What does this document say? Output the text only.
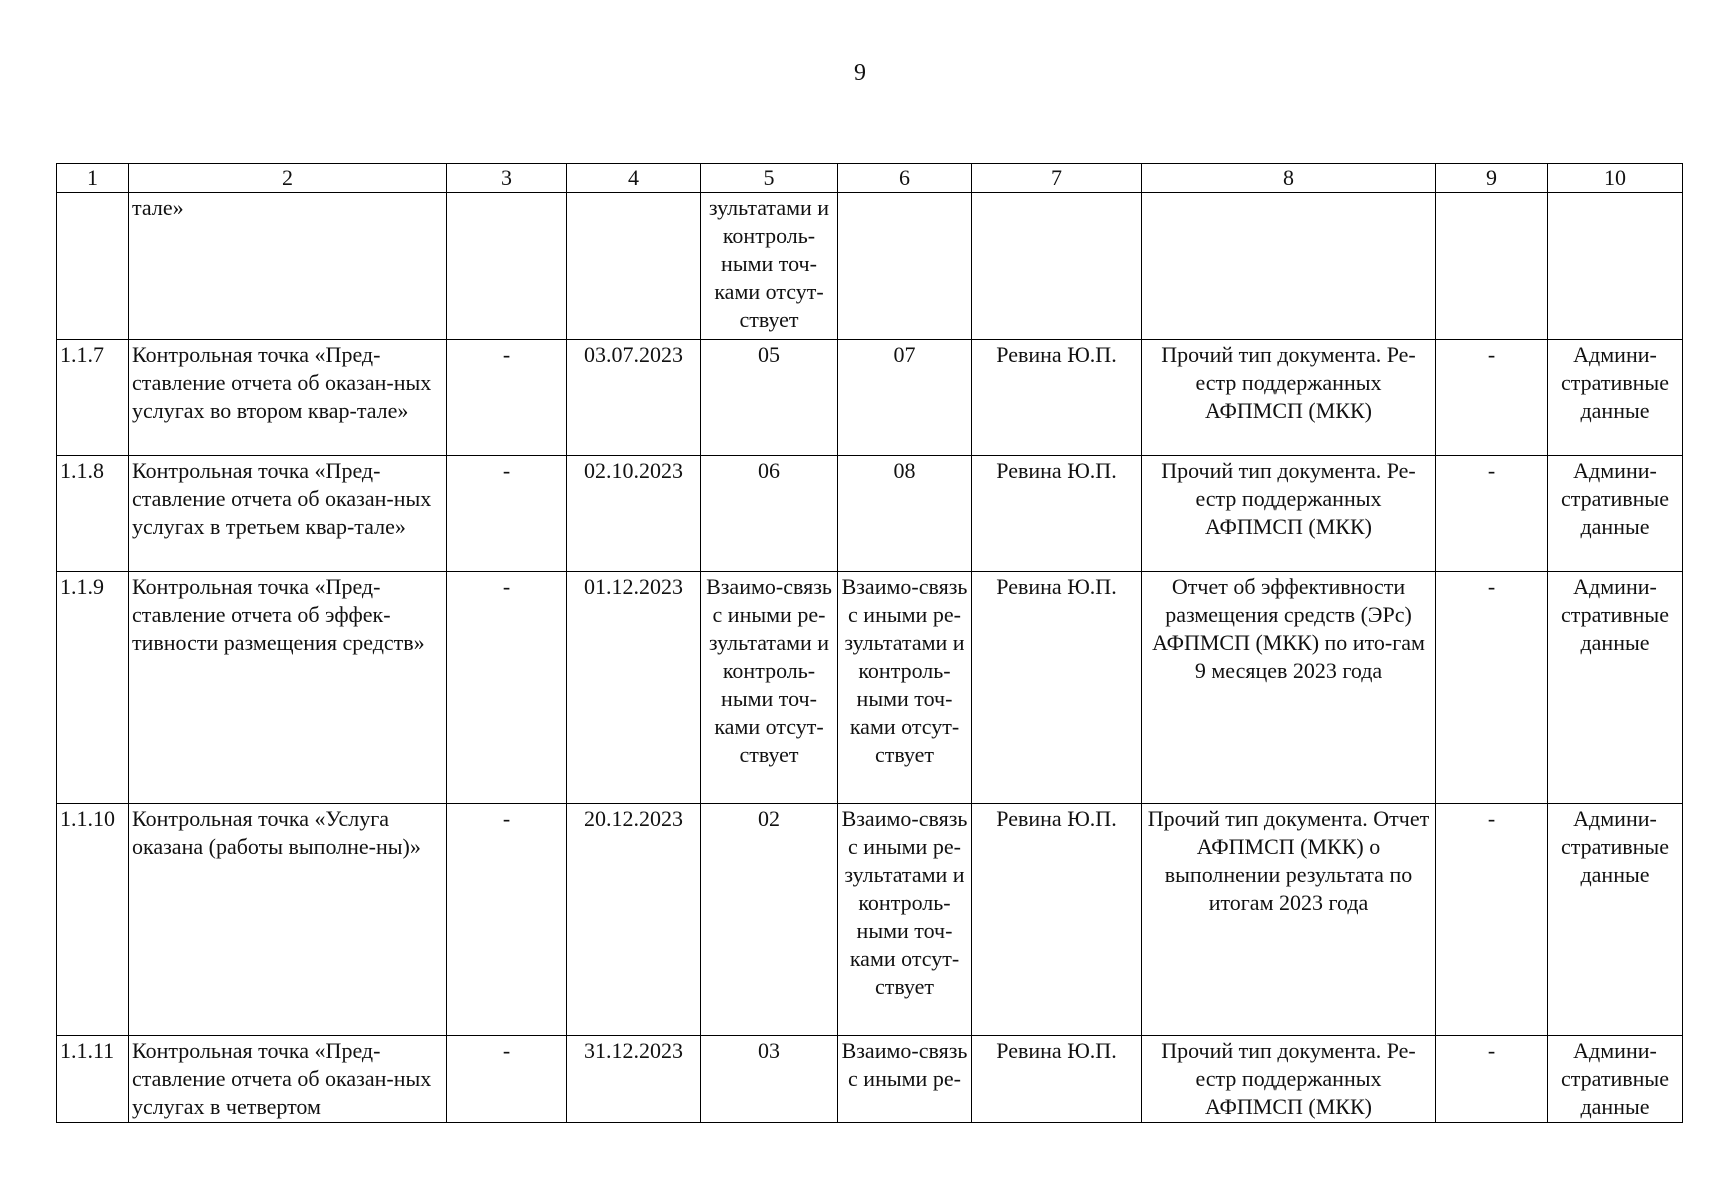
9
1	2	3	4	5	6	7	8	9	10
	тале»			зультатами и контроль-ными точ-ками отсут-ствует					
1.1.7	Контрольная точка «Пред-ставление отчета об оказан-ных услугах во втором квар-тале»	-	03.07.2023	05	07	Ревина Ю.П.	Прочий тип документа. Ре-естр поддержанных АФПМСП (МКК)	-	Админи-стративные данные
1.1.8	Контрольная точка «Пред-ставление отчета об оказан-ных услугах в третьем квар-тале»	-	02.10.2023	06	08	Ревина Ю.П.	Прочий тип документа. Ре-естр поддержанных АФПМСП (МКК)	-	Админи-стративные данные
1.1.9	Контрольная точка «Пред-ставление отчета об эффек-тивности размещения средств»	-	01.12.2023	Взаимо-связь с иными ре-зультатами и контроль-ными точ-ками отсут-ствует	Взаимо-связь с иными ре-зультатами и контроль-ными точ-ками отсут-ствует	Ревина Ю.П.	Отчет об эффективности размещения средств (ЭРс) АФПМСП (МКК) по ито-гам 9 месяцев 2023 года	-	Админи-стративные данные
1.1.10	Контрольная точка «Услуга оказана (работы выполне-ны)»	-	20.12.2023	02	Взаимо-связь с иными ре-зультатами и контроль-ными точ-ками отсут-ствует	Ревина Ю.П.	Прочий тип документа. Отчет АФПМСП (МКК) о выполнении результата по итогам 2023 года	-	Админи-стративные данные
1.1.11	Контрольная точка «Пред-ставление отчета об оказан-ных услугах в четвертом	-	31.12.2023	03	Взаимо-связь с иными ре-	Ревина Ю.П.	Прочий тип документа. Ре-естр поддержанных АФПМСП (МКК)	-	Админи-стративные данные
